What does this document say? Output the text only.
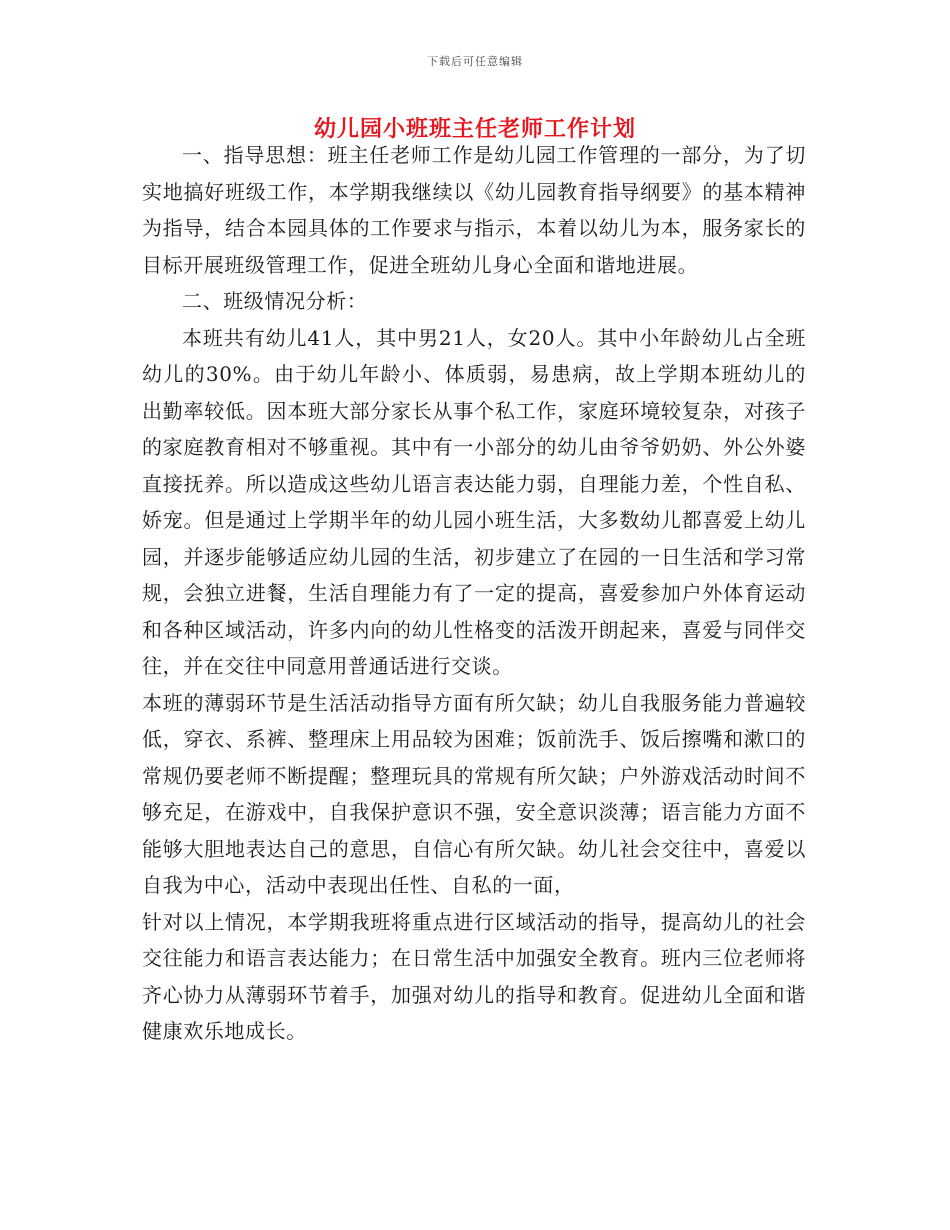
下载后可任意编辑
幼儿园小班班主任老师工作计划

一、指导思想：班主任老师工作是幼儿园工作管理的一部分，为了切实地搞好班级工作，本学期我继续以《幼儿园教育指导纲要》的基本精神为指导，结合本园具体的工作要求与指示，本着以幼儿为本，服务家长的目标开展班级管理工作，促进全班幼儿身心全面和谐地进展。

二、班级情况分析：

本班共有幼儿41人，其中男21人，女20人。其中小年龄幼儿占全班幼儿的30%。由于幼儿年龄小、体质弱，易患病，故上学期本班幼儿的出勤率较低。因本班大部分家长从事个私工作，家庭环境较复杂，对孩子的家庭教育相对不够重视。其中有一小部分的幼儿由爷爷奶奶、外公外婆直接抚养。所以造成这些幼儿语言表达能力弱，自理能力差，个性自私、娇宠。但是通过上学期半年的幼儿园小班生活，大多数幼儿都喜爱上幼儿园，并逐步能够适应幼儿园的生活，初步建立了在园的一日生活和学习常规，会独立进餐，生活自理能力有了一定的提高，喜爱参加户外体育运动和各种区域活动，许多内向的幼儿性格变的活泼开朗起来，喜爱与同伴交往，并在交往中同意用普通话进行交谈。

本班的薄弱环节是生活活动指导方面有所欠缺；幼儿自我服务能力普遍较低，穿衣、系裤、整理床上用品较为困难；饭前洗手、饭后擦嘴和漱口的常规仍要老师不断提醒；整理玩具的常规有所欠缺；户外游戏活动时间不够充足，在游戏中，自我保护意识不强，安全意识淡薄；语言能力方面不能够大胆地表达自己的意思，自信心有所欠缺。幼儿社会交往中，喜爱以自我为中心，活动中表现出任性、自私的一面，

针对以上情况，本学期我班将重点进行区域活动的指导，提高幼儿的社会交往能力和语言表达能力；在日常生活中加强安全教育。班内三位老师将齐心协力从薄弱环节着手，加强对幼儿的指导和教育。促进幼儿全面和谐健康欢乐地成长。
